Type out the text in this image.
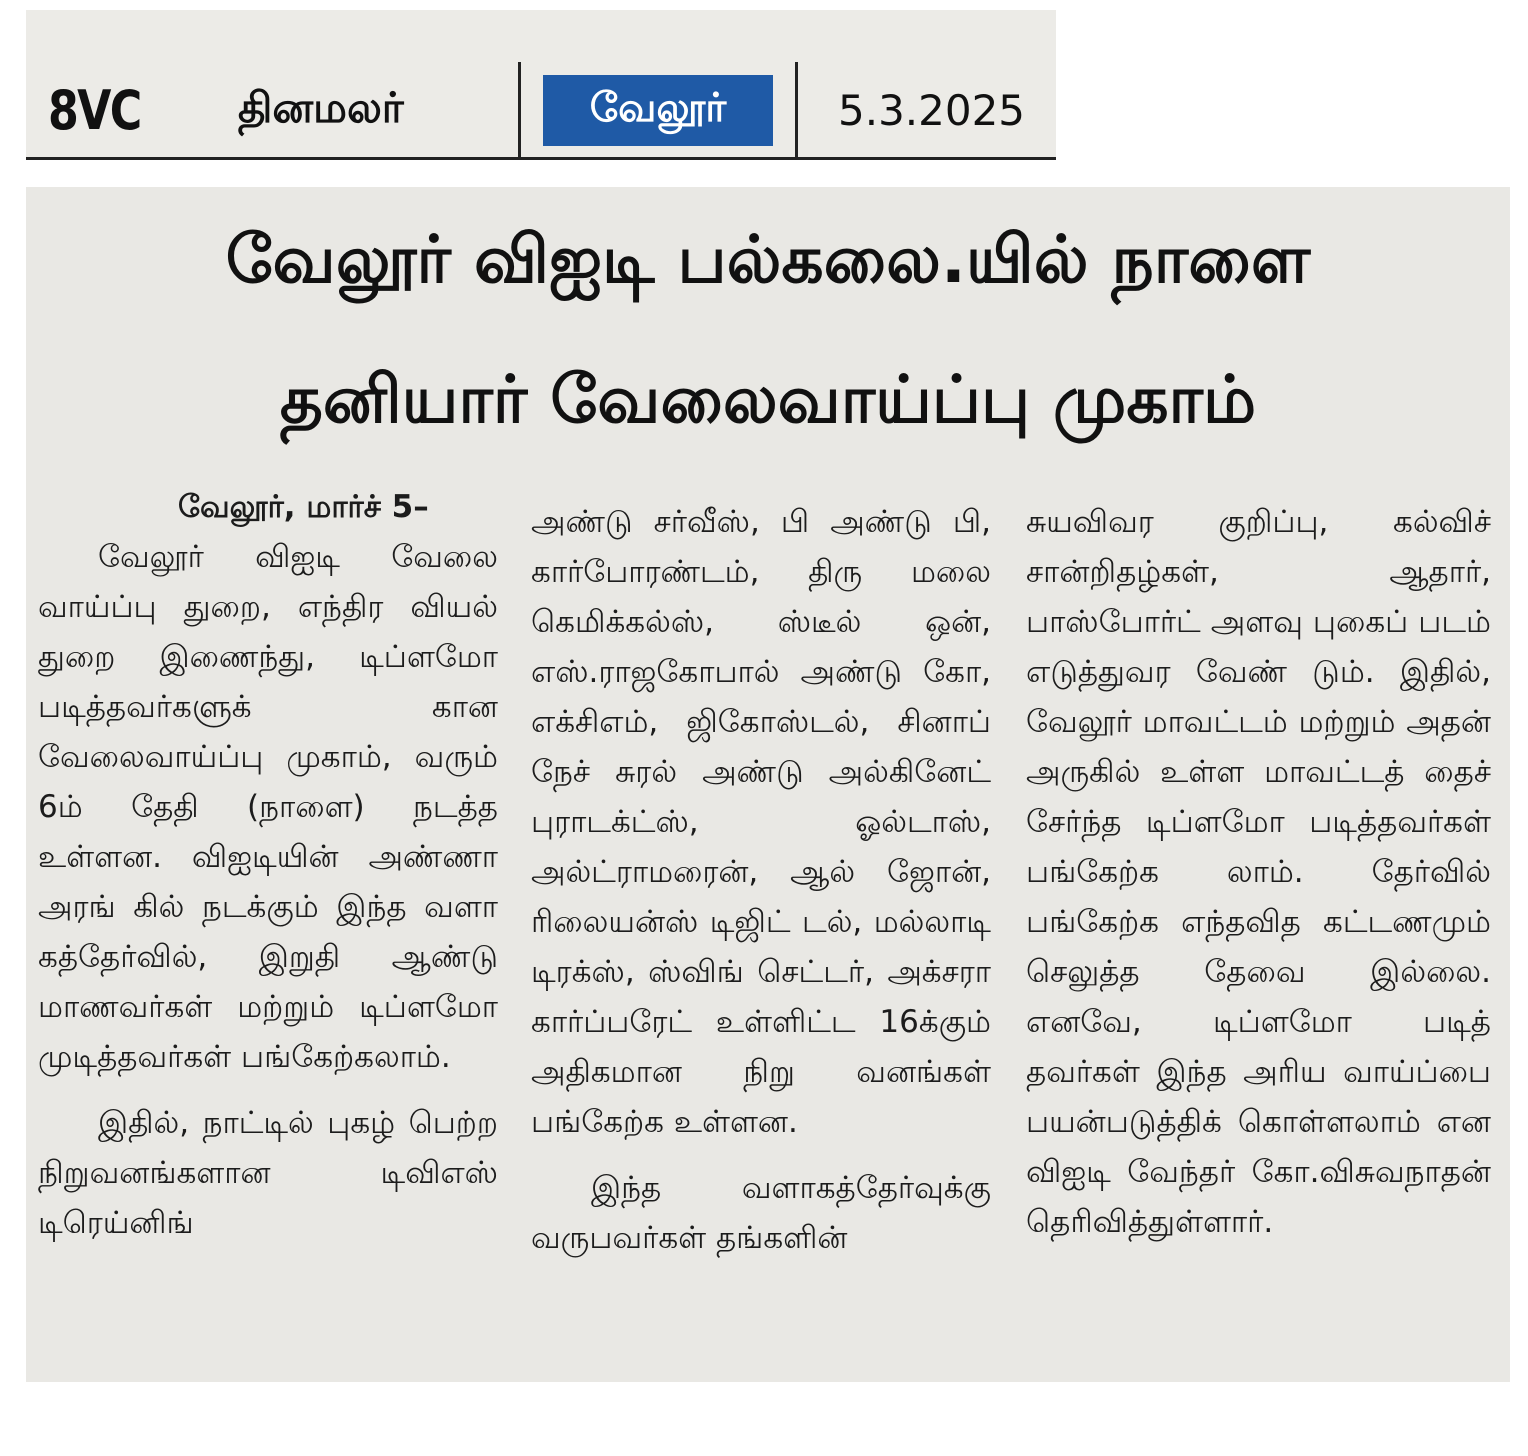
8VC	தினமலர்	வேலூர்	5.3.2025
வேலூர் விஐடி பல்கலை.யில் நாளை
தனியார் வேலைவாய்ப்பு முகாம்

வேலூர், மார்ச் 5–

வேலூர் விஐடி வேலை வாய்ப்பு துறை, எந்திர வியல் துறை இணைந்து, டிப்ளமோ படித்தவர்களுக் கான வேலைவாய்ப்பு முகாம், வரும் 6ம் தேதி (நாளை) நடத்த உள்ளன. விஐடியின் அண்ணா அரங் கில் நடக்கும் இந்த வளா கத்தேர்வில், இறுதி ஆண்டு மாணவர்கள் மற்றும் டிப்ளமோ முடித்தவர்கள் பங்கேற்கலாம்.

இதில், நாட்டில் புகழ் பெற்ற நிறுவனங்களான டிவிஎஸ் டிரெய்னிங்

அண்டு சர்வீஸ், பி அண்டு பி, கார்போரண்டம், திரு மலை கெமிக்கல்ஸ், ஸ்டீல் ஒன், எஸ்.ராஜகோபால் அண்டு கோ, எக்சிஎம், ஜிகோஸ்டல், சினாப் நேச் சுரல் அண்டு அல்கினேட் புராடக்ட்ஸ், ஓல்டாஸ், அல்ட்ராமரைன், ஆல் ஜோன், ரிலையன்ஸ் டிஜிட் டல், மல்லாடி டிரக்ஸ், ஸ்விங் செட்டர், அக்சரா கார்ப்பரேட் உள்ளிட்ட 16க்கும் அதிகமான நிறு வனங்கள் பங்கேற்க உள்ளன.

இந்த வளாகத்தேர்வுக்கு வருபவர்கள் தங்களின்

சுயவிவர குறிப்பு, கல்விச் சான்றிதழ்கள், ஆதார், பாஸ்போர்ட் அளவு புகைப் படம் எடுத்துவர வேண் டும். இதில், வேலூர் மாவட்டம் மற்றும் அதன் அருகில் உள்ள மாவட்டத் தைச் சேர்ந்த டிப்ளமோ படித்தவர்கள் பங்கேற்க லாம். தேர்வில் பங்கேற்க எந்தவித கட்டணமும் செலுத்த தேவை இல்லை. எனவே, டிப்ளமோ படித் தவர்கள் இந்த அரிய வாய்ப்பை பயன்படுத்திக் கொள்ளலாம் என விஐடி வேந்தர் கோ.விசுவநாதன் தெரிவித்துள்ளார்.
